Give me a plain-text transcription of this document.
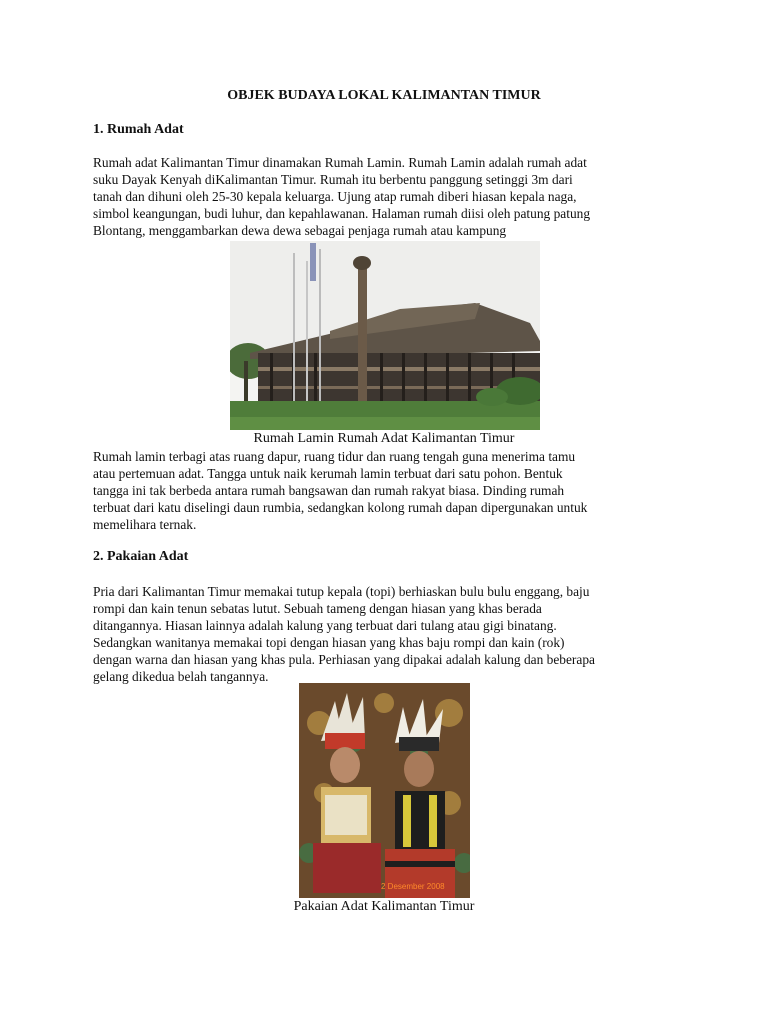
OBJEK BUDAYA LOKAL KALIMANTAN TIMUR
1. Rumah Adat
Rumah adat Kalimantan Timur dinamakan Rumah Lamin. Rumah Lamin adalah rumah adat
suku Dayak Kenyah diKalimantan Timur. Rumah itu berbentu panggung setinggi 3m dari
tanah dan dihuni oleh 25-30 kepala keluarga. Ujung atap rumah diberi hiasan kepala naga,
simbol keangungan, budi luhur, dan kepahlawanan. Halaman rumah diisi oleh patung patung
Blontang, menggambarkan dewa dewa sebagai penjaga rumah atau kampung
Rumah Lamin Rumah Adat Kalimantan Timur
Rumah lamin terbagi atas ruang dapur, ruang tidur dan ruang tengah guna menerima tamu
atau pertemuan adat. Tangga untuk naik kerumah lamin terbuat dari satu pohon. Bentuk
tangga ini tak berbeda antara rumah bangsawan dan rumah rakyat biasa. Dinding rumah
terbuat dari katu diselingi daun rumbia, sedangkan kolong rumah dapan dipergunakan untuk
memelihara ternak.
2. Pakaian Adat
Pria dari Kalimantan Timur memakai tutup kepala (topi) berhiaskan bulu bulu enggang, baju
rompi dan kain tenun sebatas lutut. Sebuah tameng dengan hiasan yang khas berada
ditangannya. Hiasan lainnya adalah kalung yang terbuat dari tulang atau gigi binatang.
Sedangkan wanitanya memakai topi dengan hiasan yang khas baju rompi dan kain (rok)
dengan warna dan hiasan yang khas pula. Perhiasan yang dipakai adalah kalung dan beberapa
gelang dikedua belah tangannya.
2 Desember 2008
Pakaian Adat Kalimantan Timur
